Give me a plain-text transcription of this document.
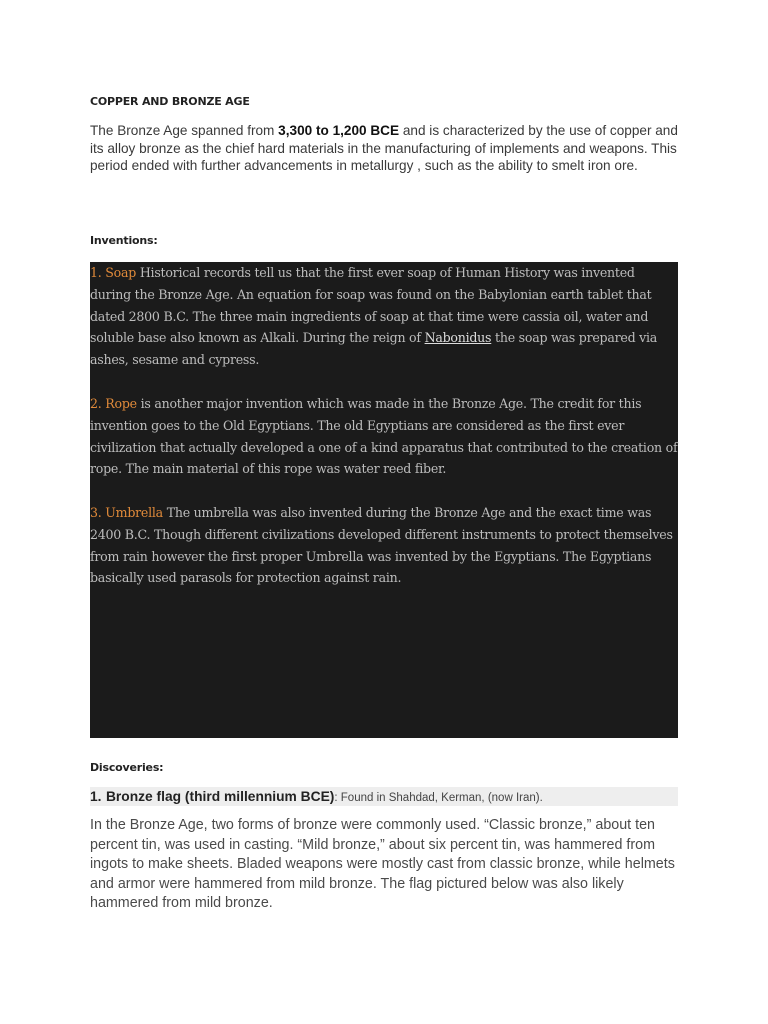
COPPER AND BRONZE AGE
The Bronze Age spanned from 3,300 to 1,200 BCE and is characterized by the use of copper and its alloy bronze as the chief hard materials in the manufacturing of implements and weapons. This period ended with further advancements in metallurgy , such as the ability to smelt iron ore.
Inventions:
1. Soap Historical records tell us that the first ever soap of Human History was invented during the Bronze Age. An equation for soap was found on the Babylonian earth tablet that dated 2800 B.C. The three main ingredients of soap at that time were cassia oil, water and soluble base also known as Alkali. During the reign of Nabonidus the soap was prepared via ashes, sesame and cypress.
2. Rope is another major invention which was made in the Bronze Age. The credit for this invention goes to the Old Egyptians. The old Egyptians are considered as the first ever civilization that actually developed a one of a kind apparatus that contributed to the creation of rope. The main material of this rope was water reed fiber.
3. Umbrella The umbrella was also invented during the Bronze Age and the exact time was 2400 B.C. Though different civilizations developed different instruments to protect themselves from rain however the first proper Umbrella was invented by the Egyptians. The Egyptians basically used parasols for protection against rain.
Discoveries:
1. Bronze flag (third millennium BCE): Found in Shahdad, Kerman, (now Iran).
In the Bronze Age, two forms of bronze were commonly used. “Classic bronze,” about ten percent tin, was used in casting. “Mild bronze,” about six percent tin, was hammered from ingots to make sheets. Bladed weapons were mostly cast from classic bronze, while helmets and armor were hammered from mild bronze. The flag pictured below was also likely hammered from mild bronze.
